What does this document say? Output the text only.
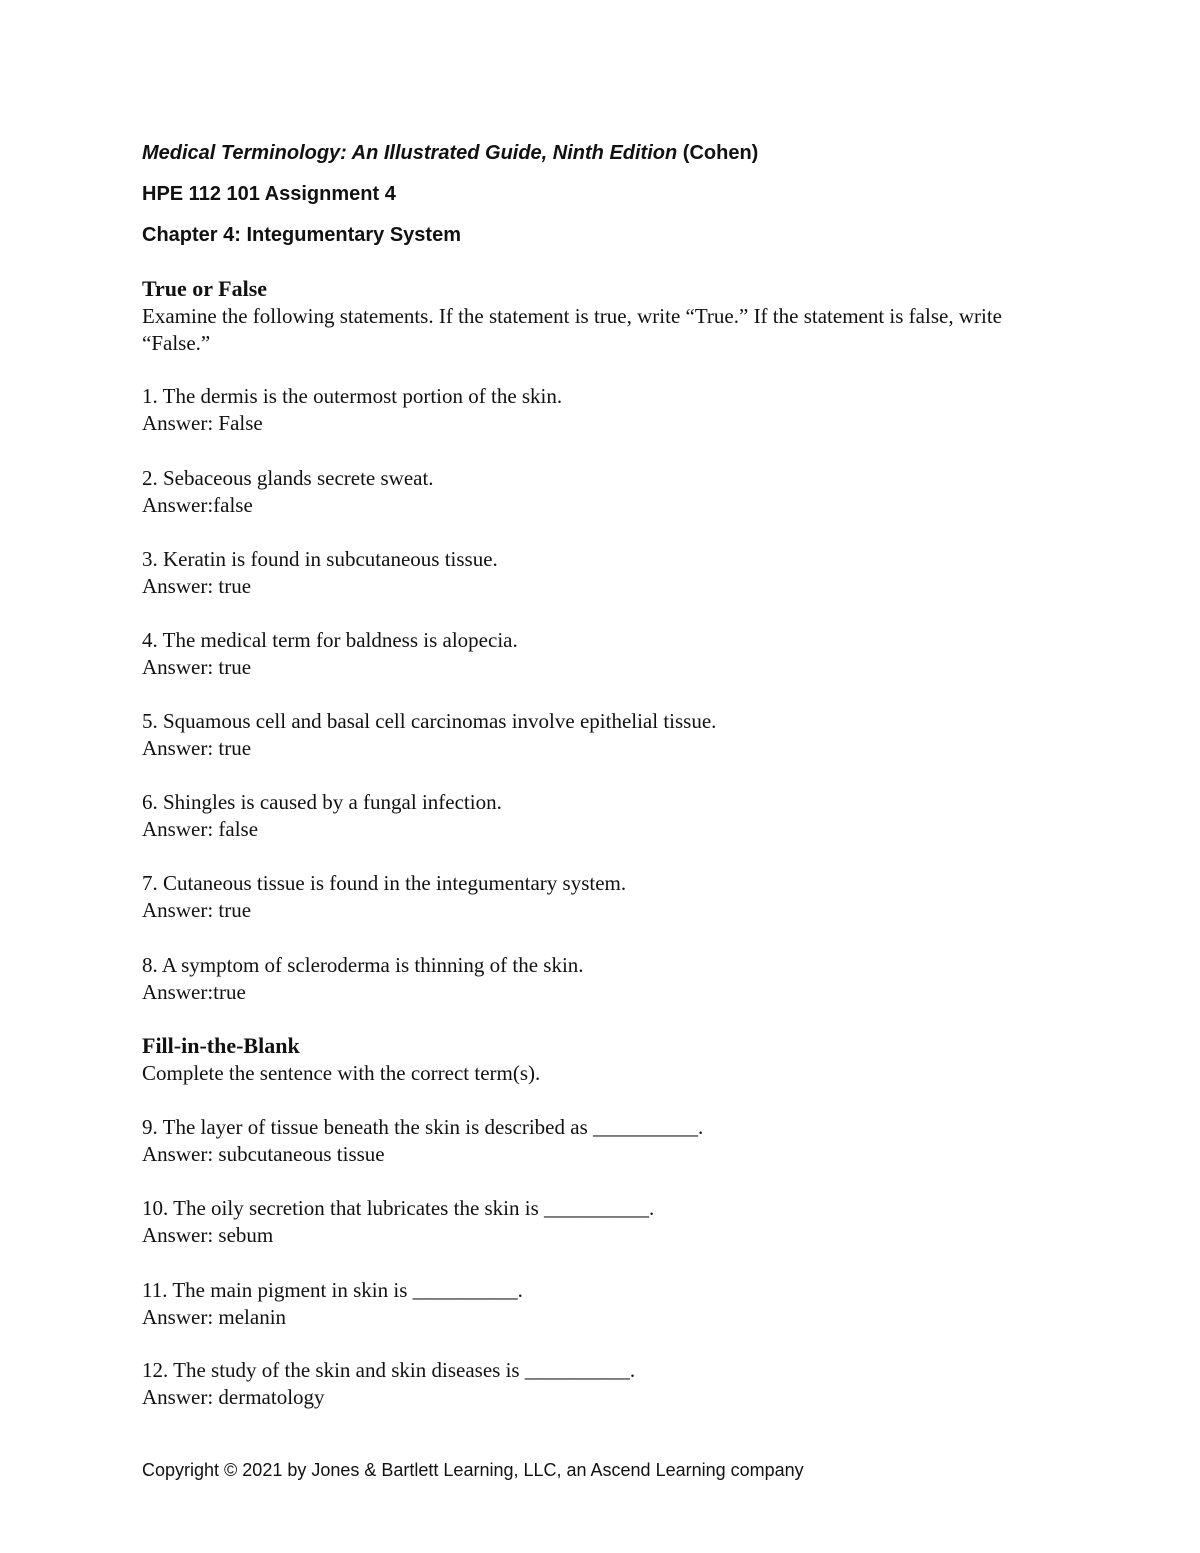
Medical Terminology: An Illustrated Guide, Ninth Edition (Cohen)
HPE 112 101 Assignment 4
Chapter 4: Integumentary System
True or False
Examine the following statements. If the statement is true, write “True.” If the statement is false, write “False.”

1. The dermis is the outermost portion of the skin.

Answer: False

2. Sebaceous glands secrete sweat.

Answer:false

3. Keratin is found in subcutaneous tissue.

Answer: true

4. The medical term for baldness is alopecia.

Answer: true

5. Squamous cell and basal cell carcinomas involve epithelial tissue.

Answer: true

6. Shingles is caused by a fungal infection.

Answer: false

7. Cutaneous tissue is found in the integumentary system.

Answer: true

8. A symptom of scleroderma is thinning of the skin.

Answer:true

Fill-in-the-Blank
Complete the sentence with the correct term(s).

9. The layer of tissue beneath the skin is described as __________.

Answer: subcutaneous tissue

10. The oily secretion that lubricates the skin is __________.

Answer: sebum

11. The main pigment in skin is __________.

Answer: melanin

12. The study of the skin and skin diseases is __________.

Answer: dermatology

Copyright © 2021 by Jones & Bartlett Learning, LLC, an Ascend Learning company
